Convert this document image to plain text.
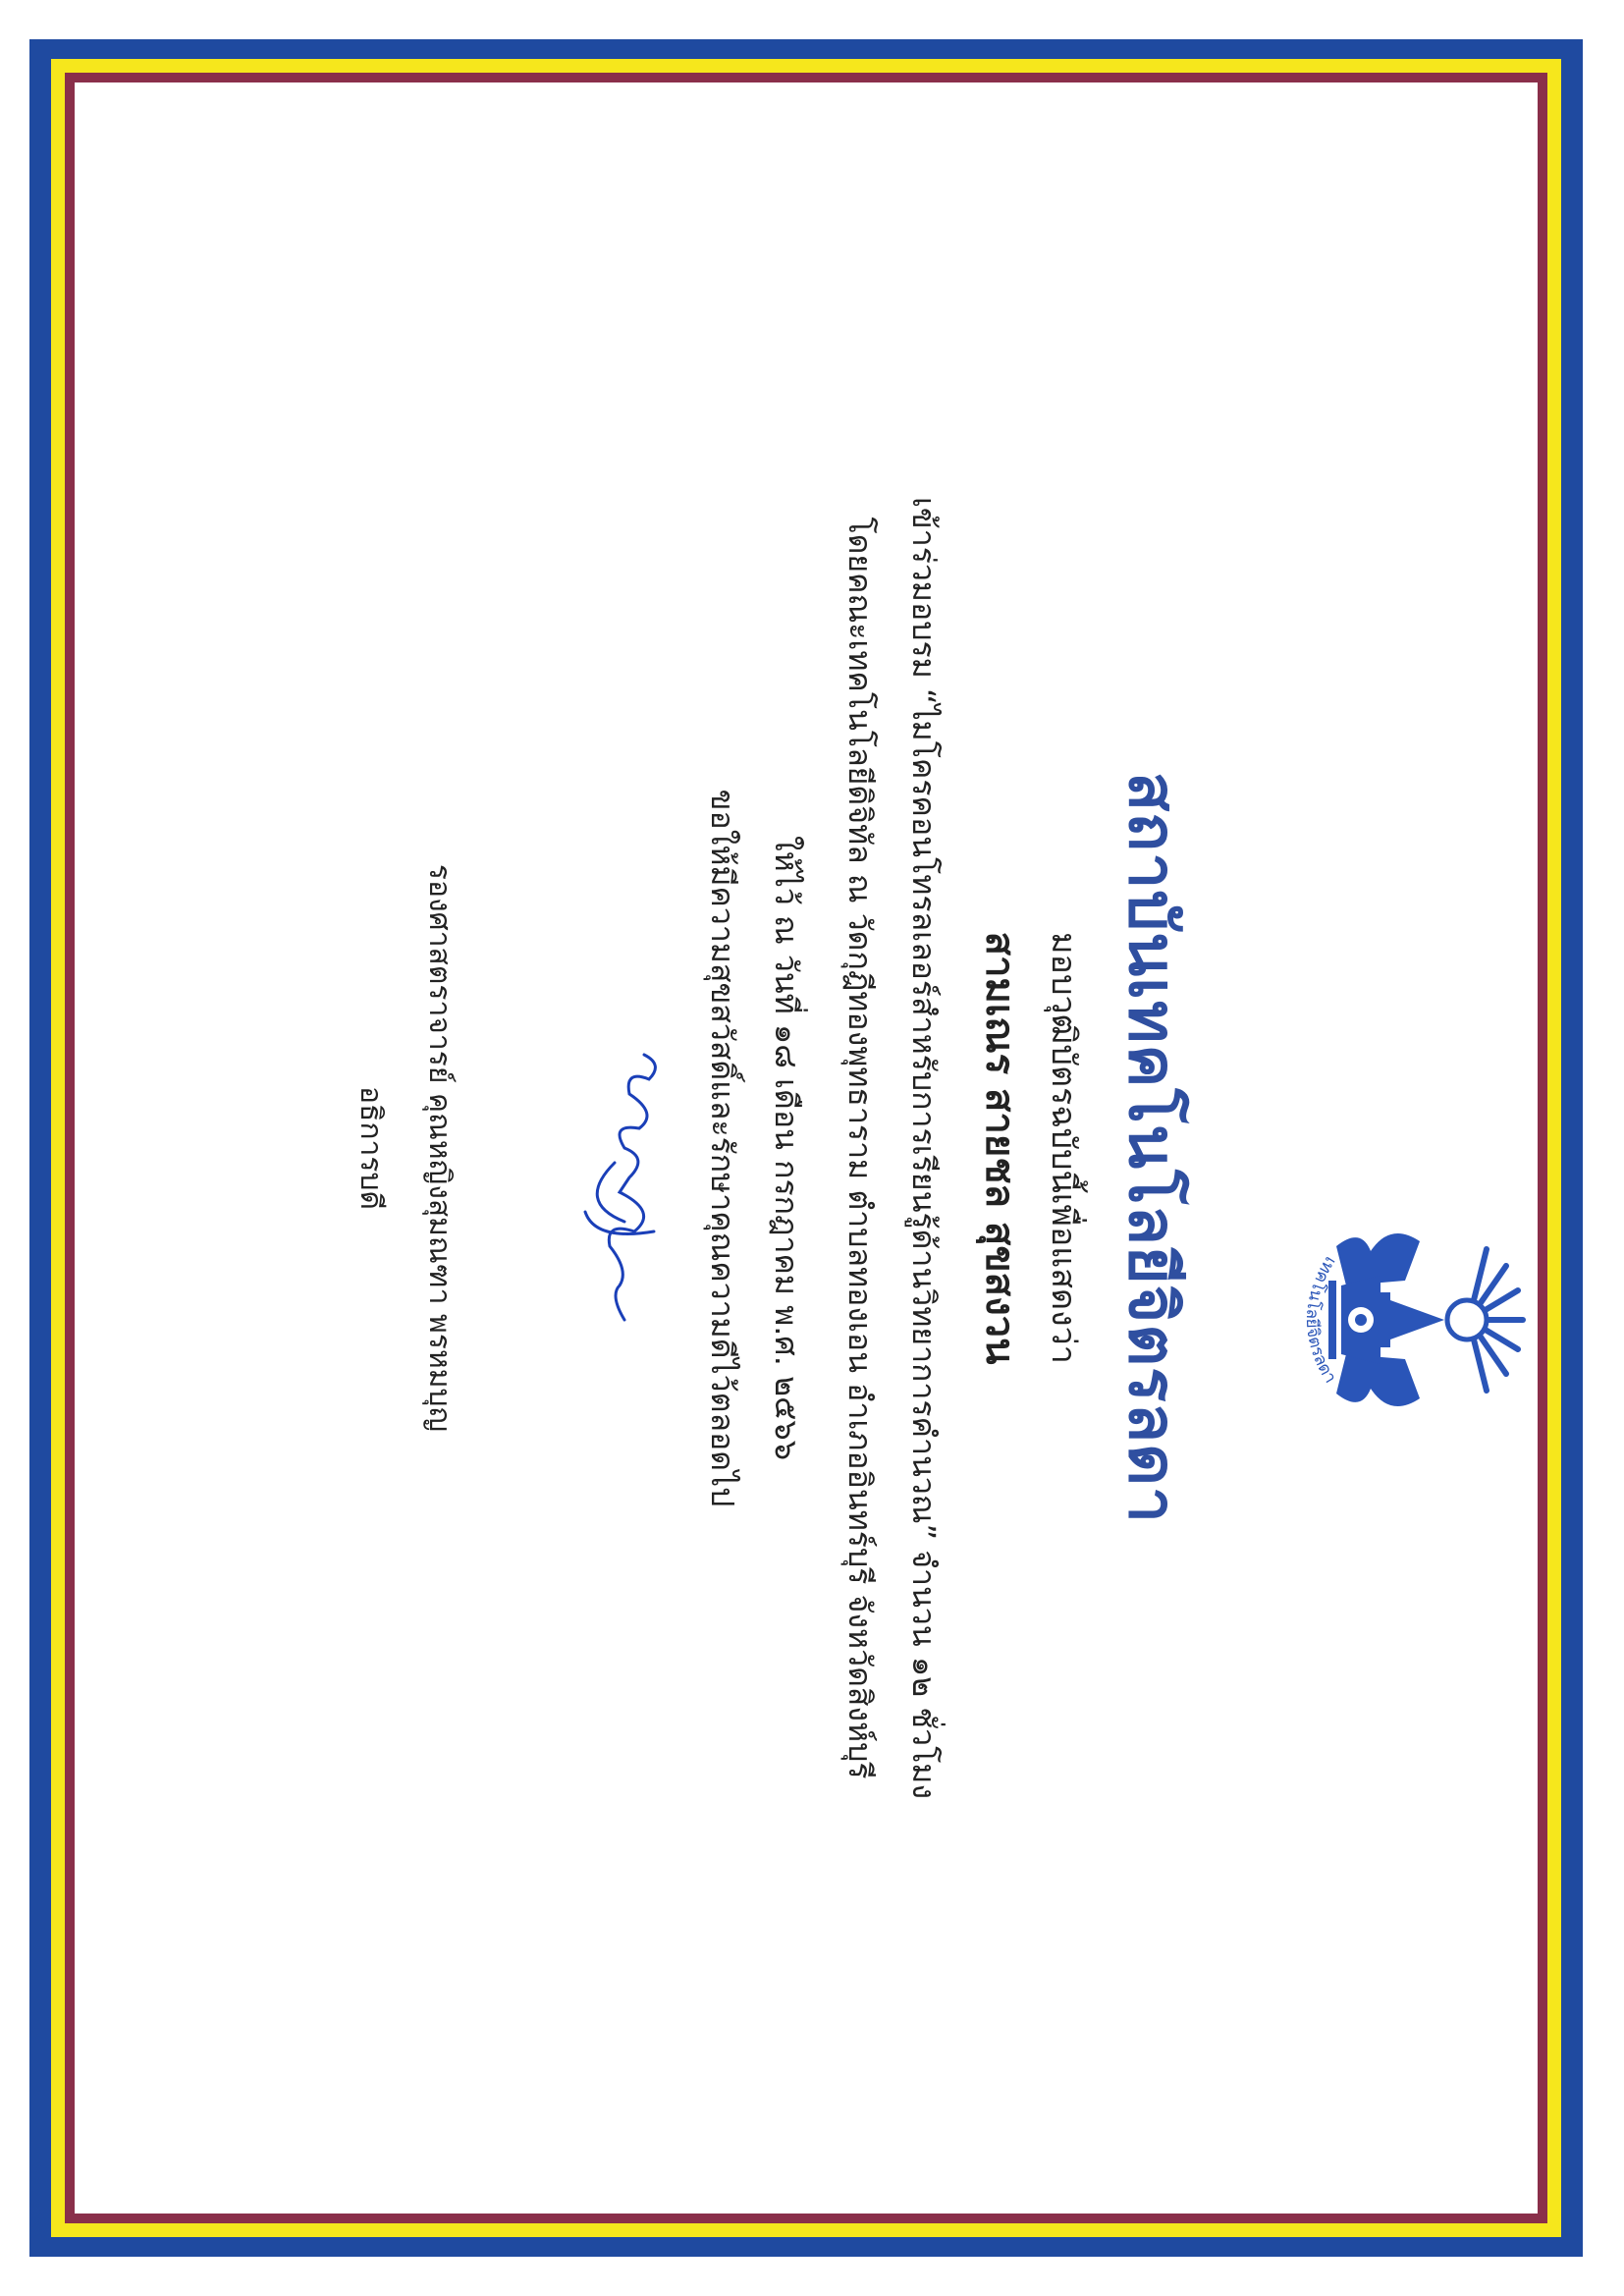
เทคโนโลยีจิตรลดา
สถาบันเทคโนโลยีจิตรลดา
มอบวุฒิบัตรฉบับนี้เพื่อแสดงว่า
สามเณร สายชล สุขสงวน
เข้าร่วมอบรม “ไมโครคอนโทรลเลอร์สำหรับการเรียนรู้ด้านวิทยาการคำนวณ” จำนวน ๑๒ ชั่วโมง
โดยคณะเทคโนโลยีดิจิทัล ณ วัดกุฎีทองพุทธาราม ตำบลทองเอน อำเภออินทร์บุรี จังหวัดสิงห์บุรี
ให้ไว้ ณ วันที่ ๑๘ เดือน กรกฎาคม พ.ศ. ๒๕๖๖
ขอให้มีความสุขสวัสดิ์และรักษาคุณความดีไว้ตลอดไป
รองศาสตราจารย์ คุณหญิงสุมณฑา พรหมบุญ
อธิการบดี
